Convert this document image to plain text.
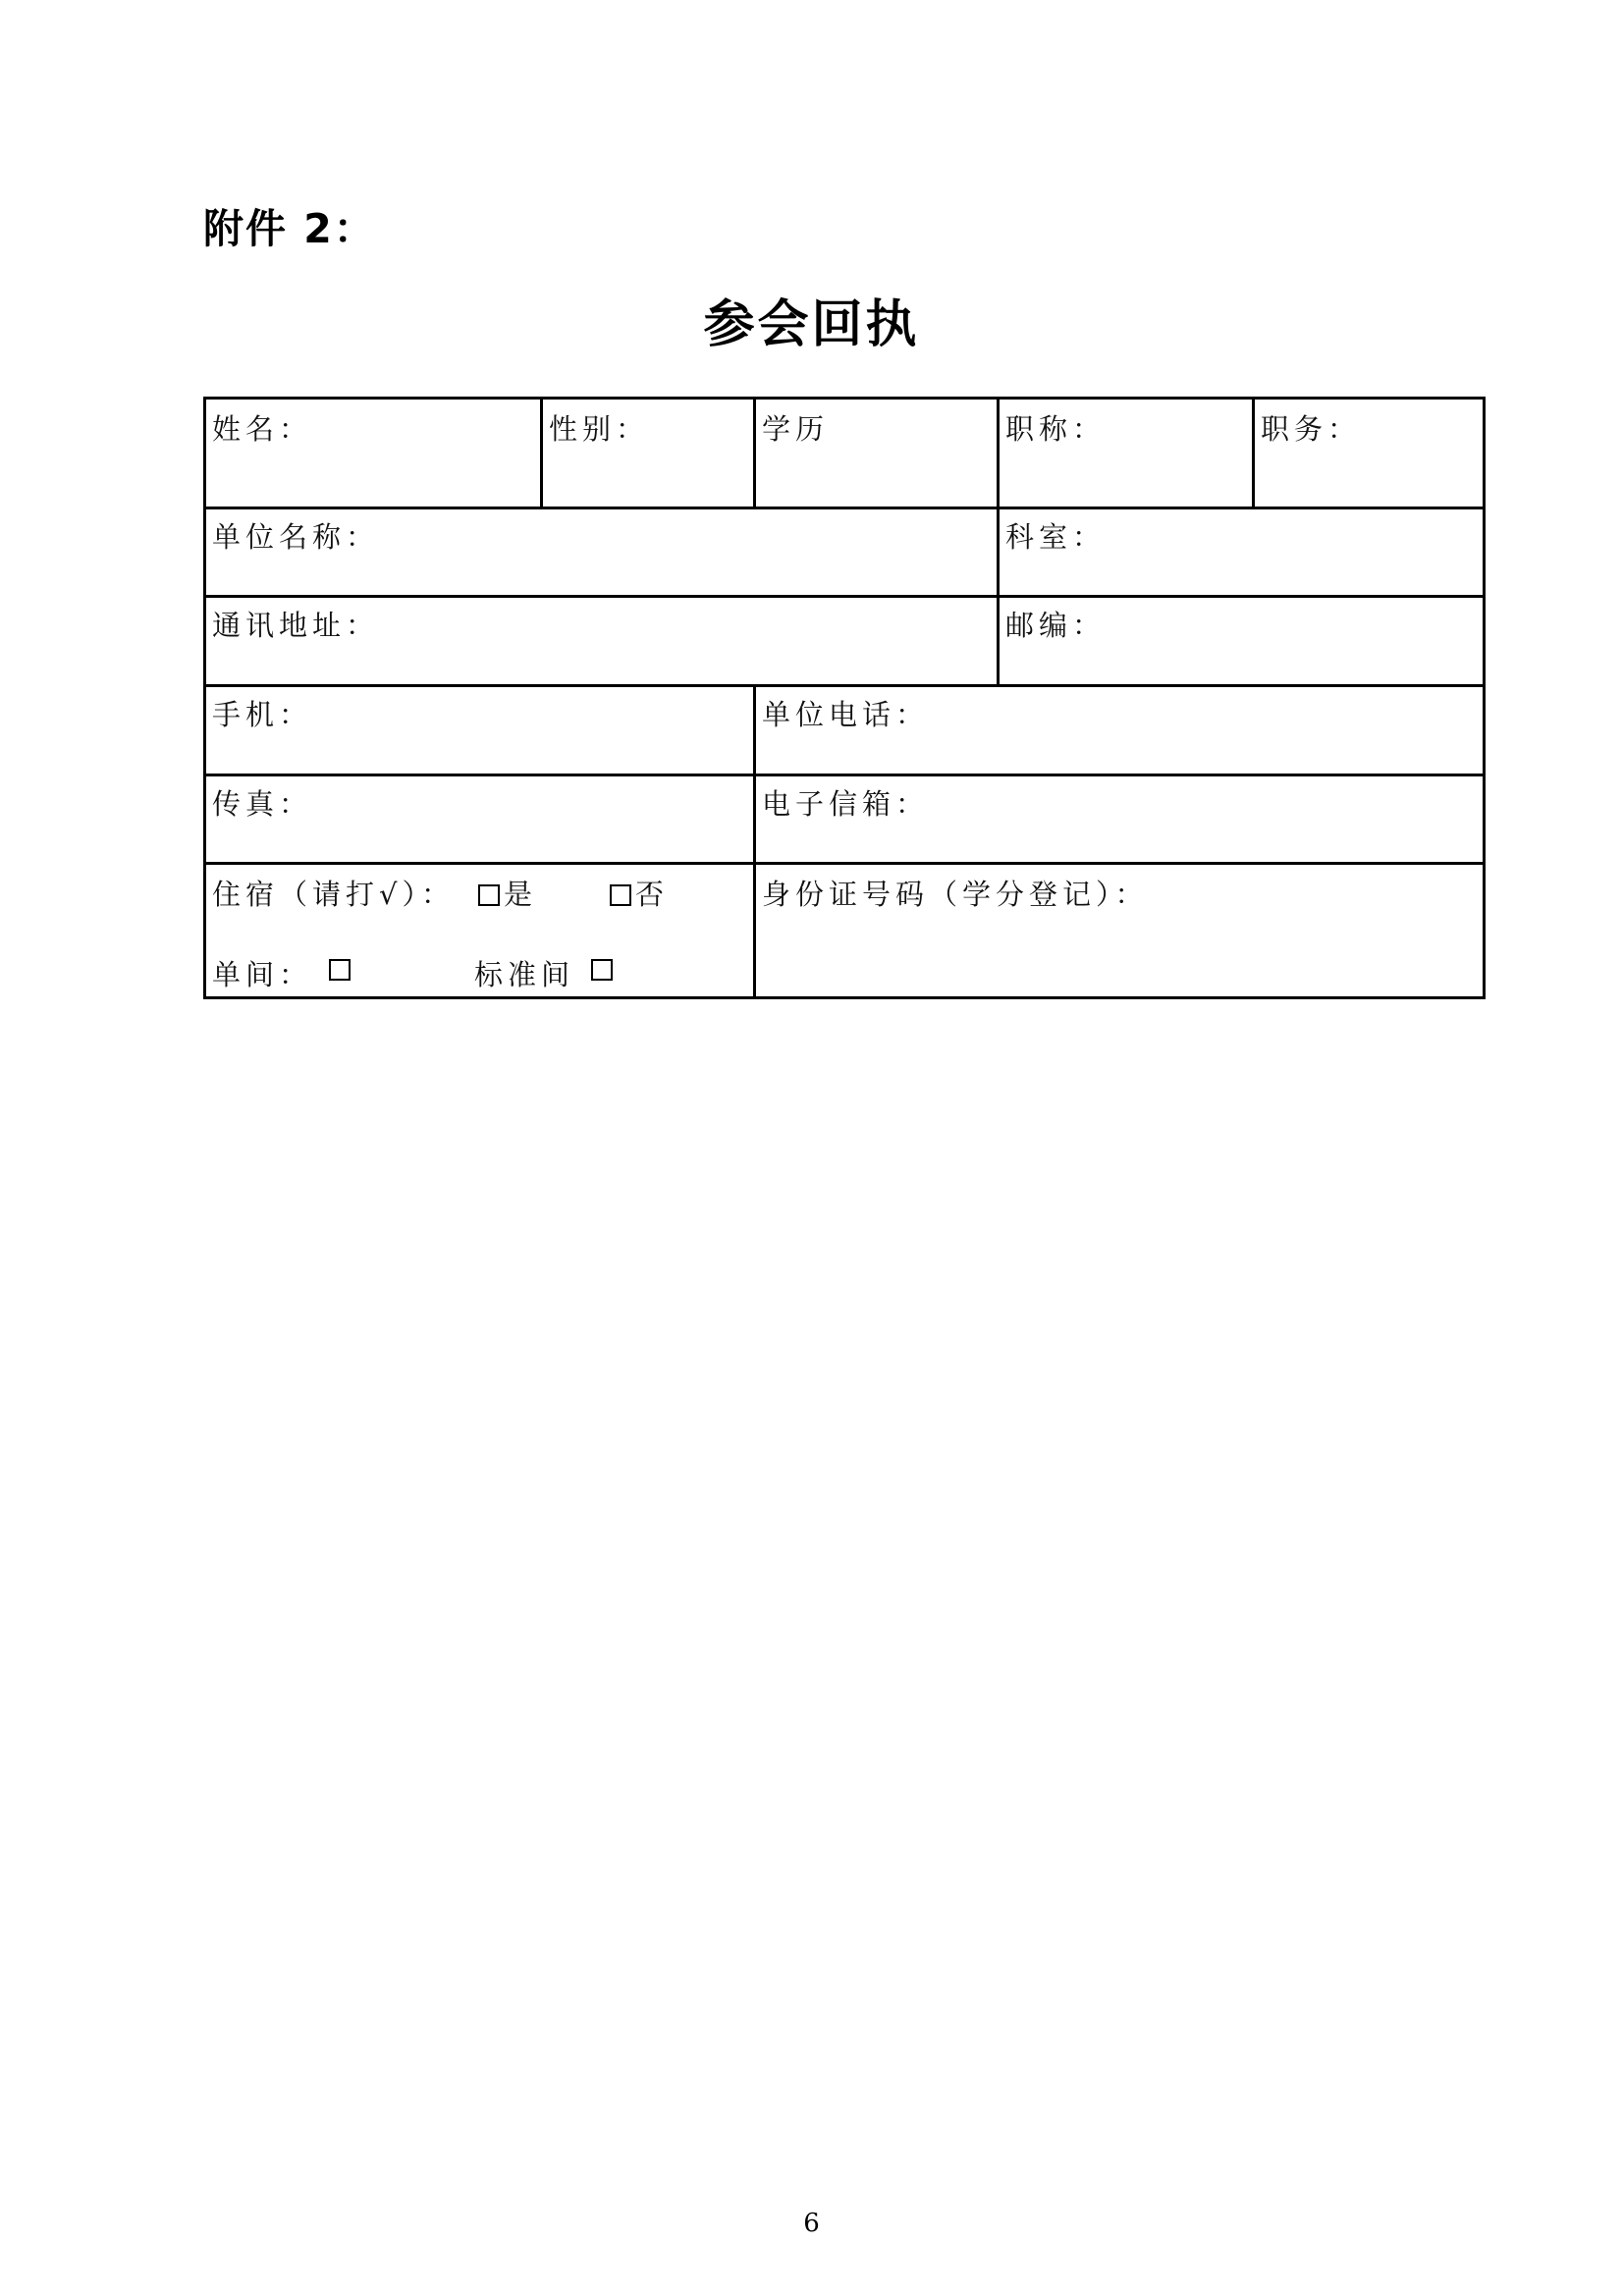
附件 2：
参会回执
姓名：	性别：	学历	职称：	职务：
单位名称：	科室：
通讯地址：	邮编：
手机：	单位电话：
传真：	电子信箱：
住宿（请打√）：	是	否
单间：	标准间
身份证号码（学分登记）：
6
